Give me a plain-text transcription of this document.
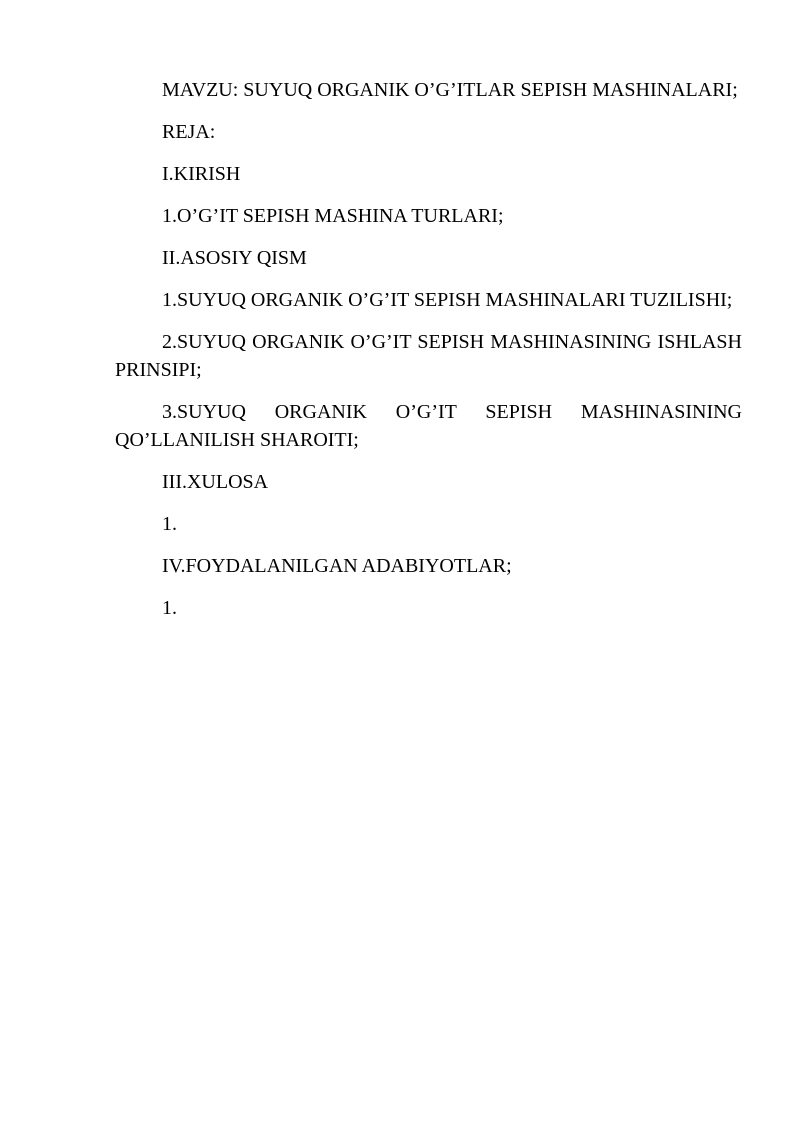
MAVZU: SUYUQ ORGANIK O’G’ITLAR SEPISH MASHINALARI;

REJA:

I.KIRISH

1.O’G’IT SEPISH MASHINA TURLARI;

II.ASOSIY QISM

1.SUYUQ ORGANIK O’G’IT SEPISH MASHINALARI TUZILISHI;

2.SUYUQ ORGANIK O’G’IT SEPISH MASHINASINING ISHLASH PRINSIPI;

3.SUYUQ ORGANIK O’G’IT SEPISH MASHINASINING QO’LLANILISH SHAROITI;

III.XULOSA

1.

IV.FOYDALANILGAN ADABIYOTLAR;

1.
